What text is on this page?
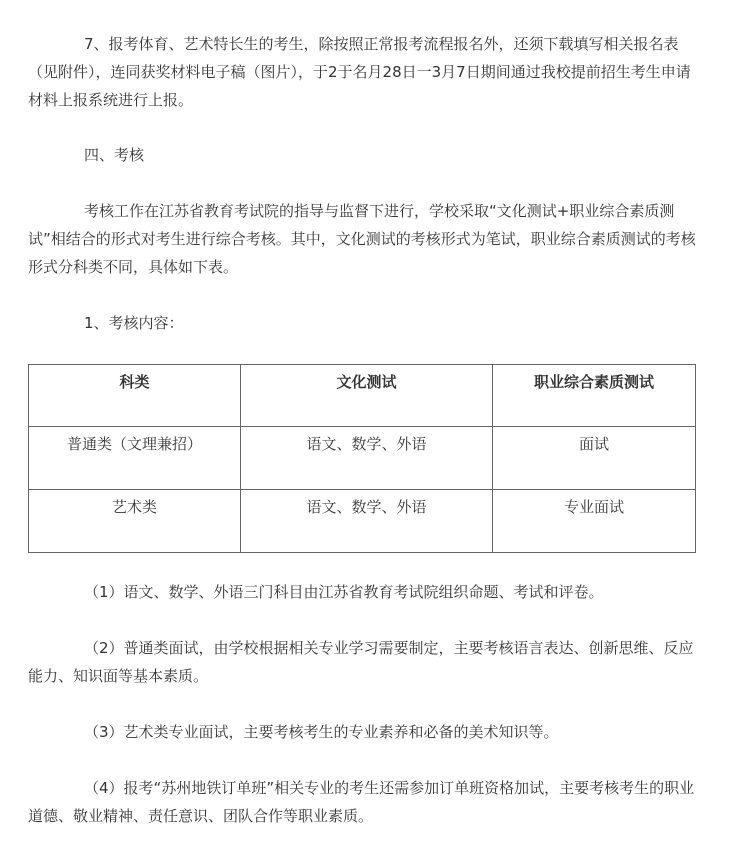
7、报考体育、艺术特长生的考生，除按照正常报考流程报名外，还须下载填写相关报名表（见附件），连同获奖材料电子稿（图片），于2于名月28日一3月7日期间通过我校提前招生考生申请材料上报系统进行上报。

四、考核

考核工作在江苏省教育考试院的指导与监督下进行，学校采取“文化测试+职业综合素质测试”相结合的形式对考生进行综合考核。其中，文化测试的考核形式为笔试，职业综合素质测试的考核形式分科类不同，具体如下表。

1、考核内容：

科类	文化测试	职业综合素质测试
普通类（文理兼招）	语文、数学、外语	面试
艺术类	语文、数学、外语	专业面试

（1）语文、数学、外语三门科目由江苏省教育考试院组织命题、考试和评卷。

（2）普通类面试，由学校根据相关专业学习需要制定，主要考核语言表达、创新思维、反应能力、知识面等基本素质。

（3）艺术类专业面试，主要考核考生的专业素养和必备的美术知识等。

（4）报考“苏州地铁订单班”相关专业的考生还需参加订单班资格加试，主要考核考生的职业道德、敬业精神、责任意识、团队合作等职业素质。
